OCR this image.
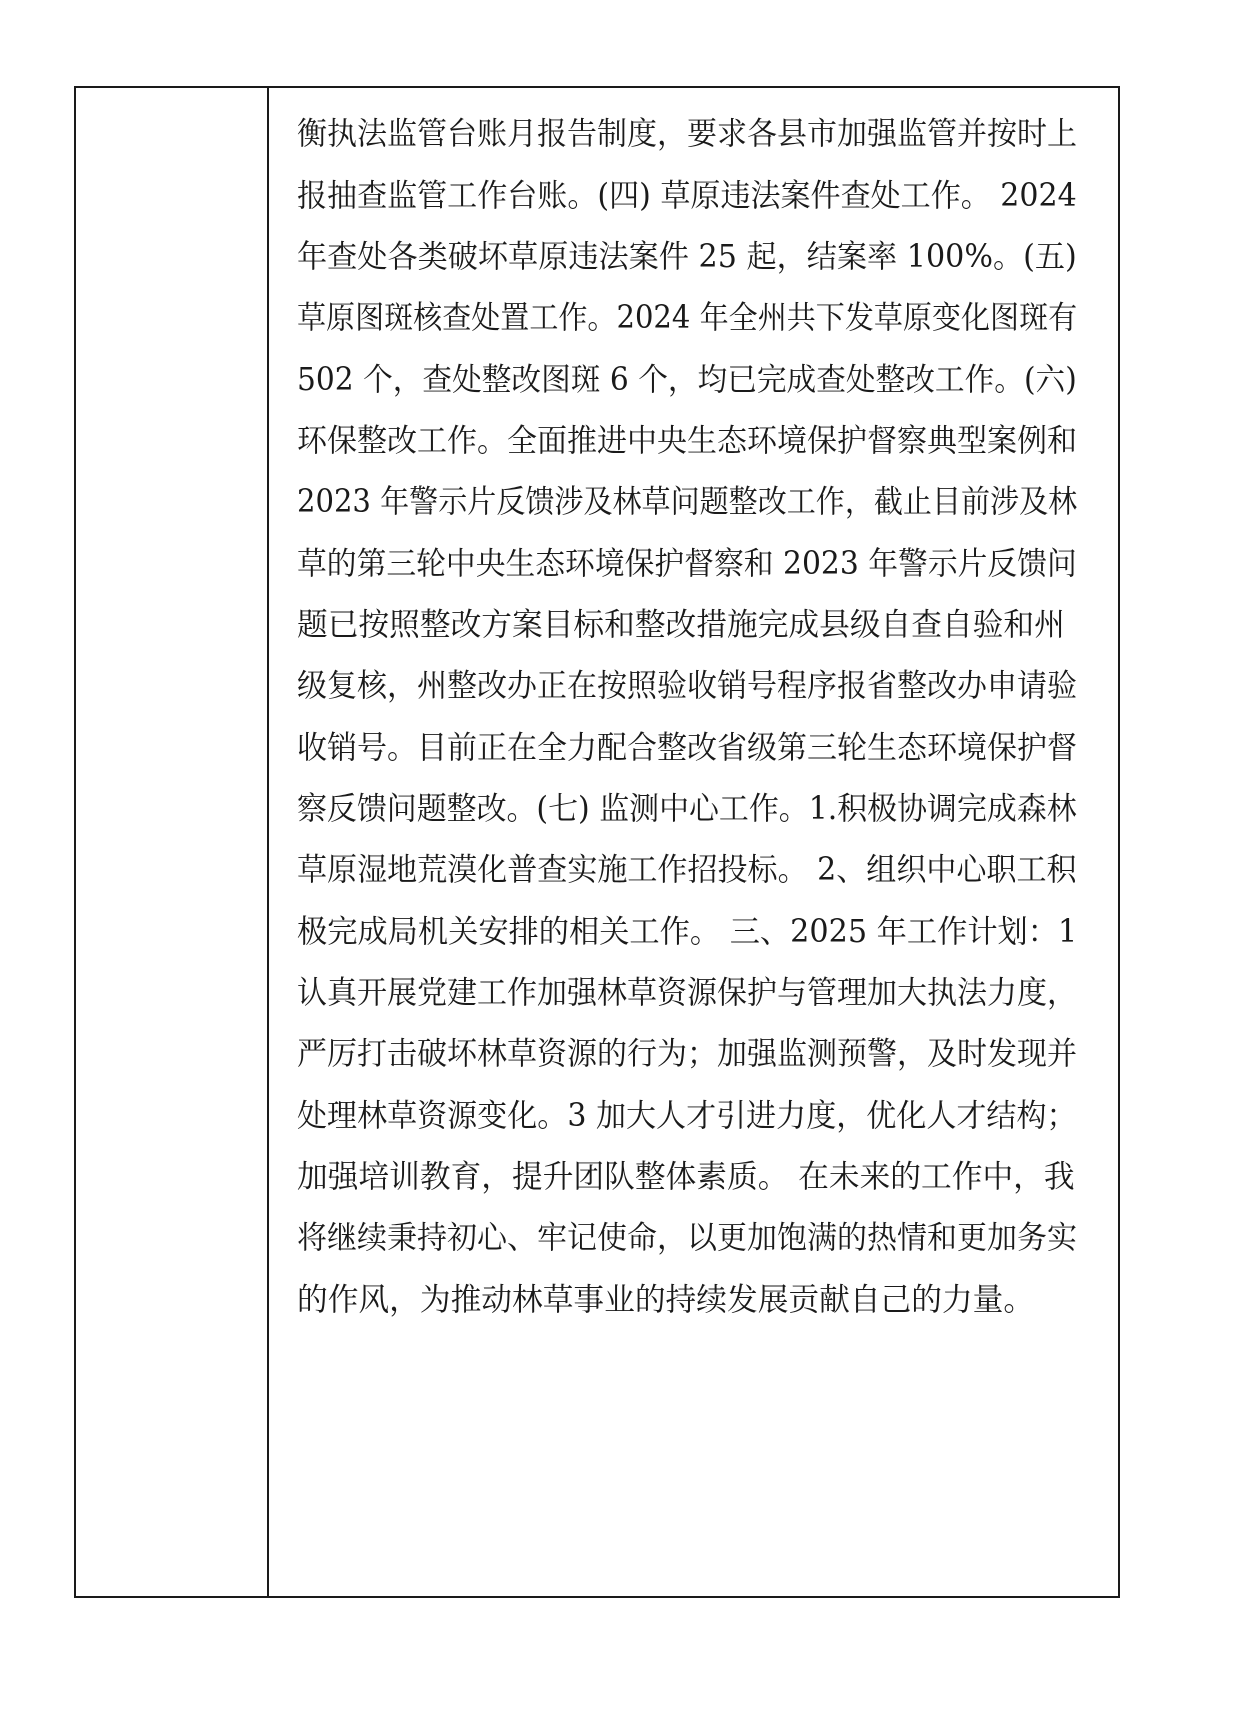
衡执法监管台账月报告制度，要求各县市加强监管并按时上
报抽查监管工作台账。(四) 草原违法案件查处工作。 2024
年查处各类破坏草原违法案件 25 起，结案率 100%。(五)
草原图斑核查处置工作。2024 年全州共下发草原变化图斑有
502 个，查处整改图斑 6 个，均已完成查处整改工作。(六)
环保整改工作。全面推进中央生态环境保护督察典型案例和
2023 年警示片反馈涉及林草问题整改工作，截止目前涉及林
草的第三轮中央生态环境保护督察和 2023 年警示片反馈问
题已按照整改方案目标和整改措施完成县级自查自验和州
级复核，州整改办正在按照验收销号程序报省整改办申请验
收销号。目前正在全力配合整改省级第三轮生态环境保护督
察反馈问题整改。(七) 监测中心工作。1.积极协调完成森林
草原湿地荒漠化普查实施工作招投标。 2、组织中心职工积
极完成局机关安排的相关工作。 三、2025 年工作计划：1
认真开展党建工作加强林草资源保护与管理加大执法力度，
严厉打击破坏林草资源的行为；加强监测预警，及时发现并
处理林草资源变化。3 加大人才引进力度，优化人才结构；
加强培训教育，提升团队整体素质。 在未来的工作中，我
将继续秉持初心、牢记使命，以更加饱满的热情和更加务实
的作风，为推动林草事业的持续发展贡献自己的力量。
